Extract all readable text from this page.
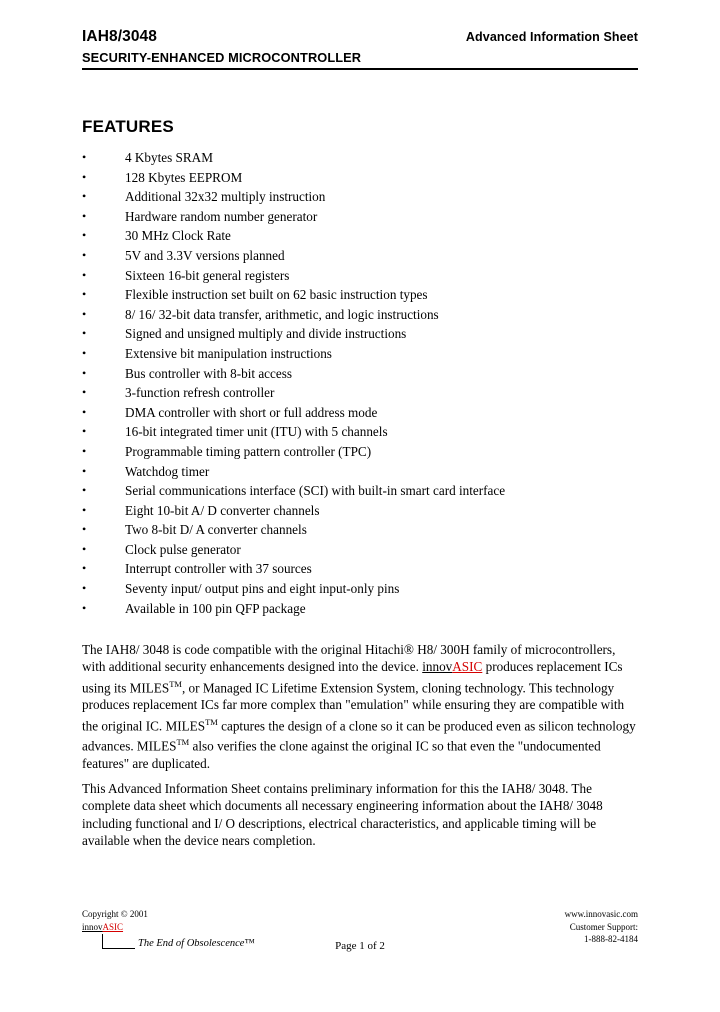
IAH8/3048	Advanced Information Sheet
SECURITY-ENHANCED MICROCONTROLLER
FEATURES
•	4 Kbytes SRAM
•	128 Kbytes EEPROM
•	Additional 32x32 multiply instruction
•	Hardware random number generator
•	30 MHz Clock Rate
•	5V and 3.3V versions planned
•	Sixteen 16-bit general registers
•	Flexible instruction set built on 62 basic instruction types
•	8/ 16/ 32-bit data transfer, arithmetic, and logic instructions
•	Signed and unsigned multiply and divide instructions
•	Extensive bit manipulation instructions
•	Bus controller with 8-bit access
•	3-function refresh controller
•	DMA controller with short or full address mode
•	16-bit integrated timer unit (ITU) with 5 channels
•	Programmable timing pattern controller (TPC)
•	Watchdog timer
•	Serial communications interface (SCI) with built-in smart card interface
•	Eight 10-bit A/ D converter channels
•	Two 8-bit D/ A converter channels
•	Clock pulse generator
•	Interrupt controller with 37 sources
•	Seventy input/ output pins and eight input-only pins
•	Available in 100 pin QFP package
The IAH8/ 3048 is code compatible with the original Hitachi® H8/ 300H family of microcontrollers, with additional security enhancements designed into the device. innovASIC produces replacement ICs using its MILES™, or Managed IC Lifetime Extension System, cloning technology. This technology produces replacement ICs far more complex than "emulation" while ensuring they are compatible with the original IC. MILES™ captures the design of a clone so it can be produced even as silicon technology advances. MILES™ also verifies the clone against the original IC so that even the "undocumented features" are duplicated.
This Advanced Information Sheet contains preliminary information for this the IAH8/ 3048. The complete data sheet which documents all necessary engineering information about the IAH8/ 3048 including functional and I/ O descriptions, electrical characteristics, and applicable timing will be available when the device nears completion.
Copyright © 2001
innovASIC
The End of Obsolescence™	Page 1 of 2
www.innovasic.com
Customer Support:
1-888-82-4184
